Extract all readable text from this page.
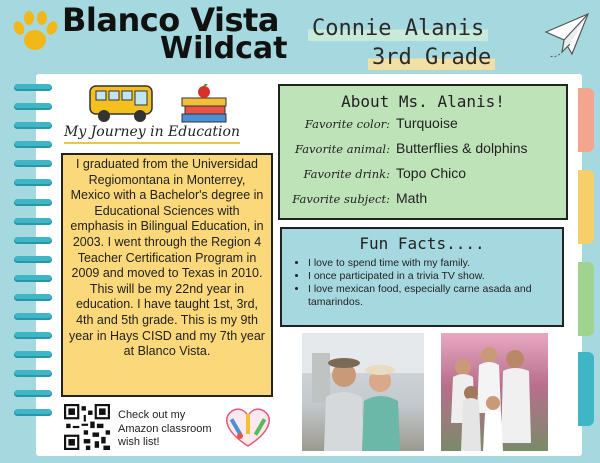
Blanco Vista
Wildcat
Connie Alanis
3rd Grade
My Journey in Education
I graduated from the Universidad Regiomontana in Monterrey, Mexico with a Bachelor's degree in Educational Sciences with emphasis in Bilingual Education, in 2003. I went through the Region 4 Teacher Certification Program in 2009 and moved to Texas in 2010. This will be my 22nd year in education. I have taught 1st, 3rd, 4th and 5th grade. This is my 9th year in Hays CISD and my 7th year at Blanco Vista.
Check out my Amazon classroom wish list!
About Ms. Alanis!
Favorite color: Turquoise
Favorite animal: Butterflies & dolphins
Favorite drink: Topo Chico
Favorite subject: Math
Fun Facts....
• I love to spend time with my family.
• I once participated in a trivia TV show.
• I love mexican food, especially carne asada and tamarindos.
